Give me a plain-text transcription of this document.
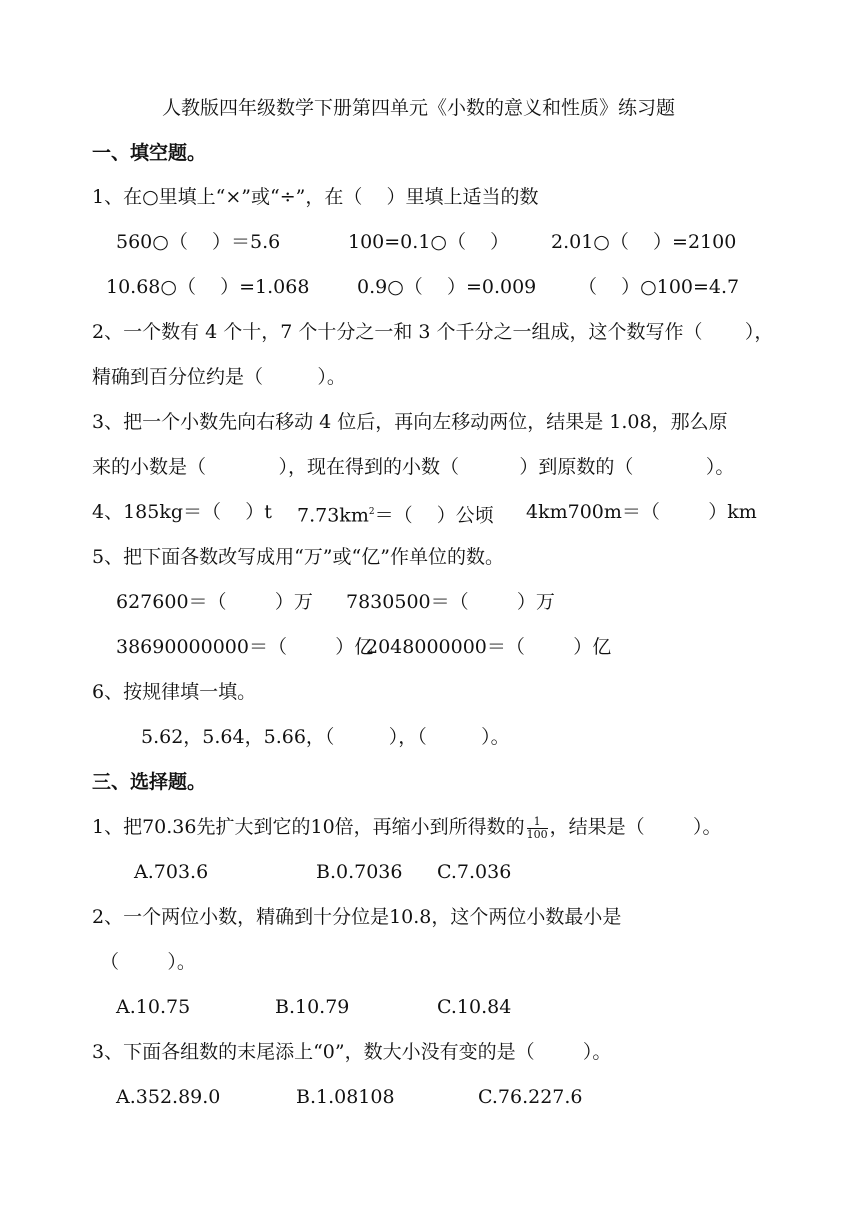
人教版四年级数学下册第四单元《小数的意义和性质》练习题
一、填空题。
1、在○里填上“×”或“÷”，在（    ）里填上适当的数
560○（    ）＝5.6	100=0.1○（    ） 2.01○（    ）=2100
10.68○（    ）=1.068	0.9○（    ）=0.009 （    ）○100=4.7
2、一个数有 4 个十，7 个十分之一和 3 个千分之一组成，这个数写作（       ），
精确到百分位约是（         ）。
3、把一个小数先向右移动 4 位后，再向左移动两位，结果是 1.08，那么原
来的小数是（            ），现在得到的小数（          ）到原数的（            ）。
4、185kg＝（    ）t $7.73km^2=$（    ）公顷 4km700m＝（        ）km
5、把下面各数改写成用“万”或“亿”作单位的数。
627600＝（        ）万 7830500＝（        ）万
38690000000＝（        ）亿
2048000000＝（        ）亿
6、按规律填一填。
5.62，5.64，5.66，（         ），（         ）。
三、选择题。
1、把70.36先扩大到它的10倍，再缩小到所得数的 $\frac{1}{100}$ ，结果是（        ）。
A.703.6	B.0.7036 C.7.036
2、一个两位小数，精确到十分位是10.8，这个两位小数最小是
（        ）。
A.10.75	B.10.79	C.10.84
3、下面各组数的末尾添上“0”，数大小没有变的是（        ）。
A.352.89.0	B.1.08108	C.76.227.6
